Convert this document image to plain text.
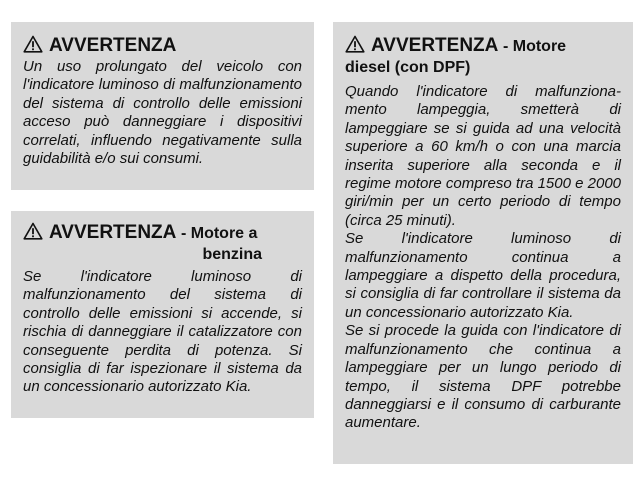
AVVERTENZA

Un uso prolungato del veicolo con l'indicatore luminoso di malfunzionamento del sistema di controllo delle emissioni acceso può danneggiare i dispositivi correlati, influendo negativamente sulla guidabilità e/o sui consumi.

AVVERTENZA - Motore a
benzina

Se l'indicatore luminoso di malfunzionamento del sistema di controllo delle emissioni si accende, si rischia di danneggiare il catalizzatore con conseguente perdita di potenza. Si consiglia di far ispezionare il sistema da un concessionario autorizzato Kia.

AVVERTENZA - Motore
diesel (con DPF)

Quando l'indicatore di malfunziona-mento lampeggia, smetterà di lampeggiare se si guida ad una velocità superiore a 60 km/h o con una marcia inserita superiore alla seconda e il regime motore compreso tra 1500 e 2000 giri/min per un certo periodo di tempo (circa 25 minuti).

Se l'indicatore luminoso di malfunzionamento continua a lampeggiare a dispetto della procedura, si consiglia di far controllare il sistema da un concessionario autorizzato Kia.

Se si procede la guida con l'indicatore di malfunzionamento che continua a lampeggiare per un lungo periodo di tempo, il sistema DPF potrebbe danneggiarsi e il consumo di carburante aumentare.
